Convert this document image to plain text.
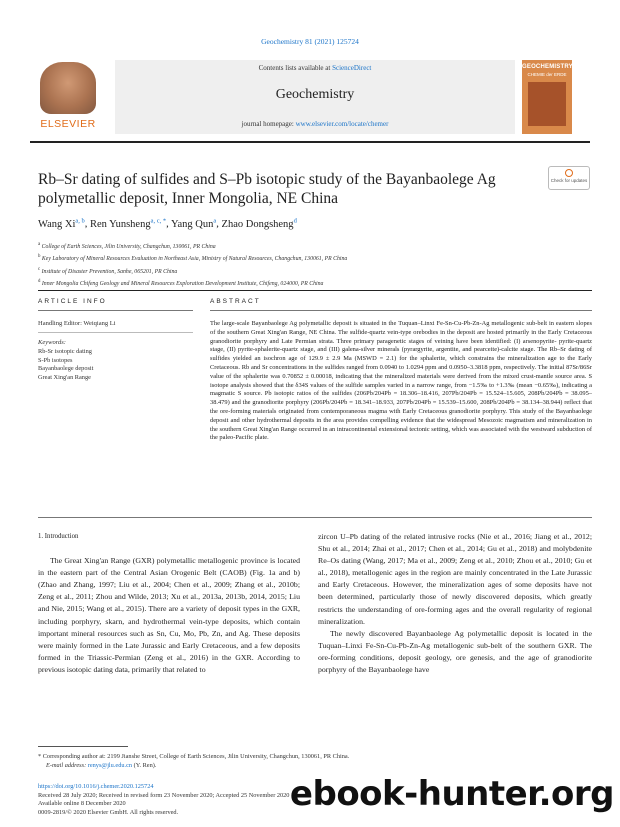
Geochemistry 81 (2021) 125724
ELSEVIER
Contents lists available at ScienceDirect
Geochemistry
journal homepage: www.elsevier.com/locate/chemer
GEOCHEMISTRY
CHEMIE der ERDE
Rb–Sr dating of sulfides and S–Pb isotopic study of the Bayanbaolege Ag polymetallic deposit, Inner Mongolia, NE China
Check for updates
Wang Xi$^{a, b}$, Ren Yunsheng$^{a, c, *}$, Yang Qun$^a$, Zhao Dongsheng$^d$
$^a$ College of Earth Sciences, Jilin University, Changchun, 130061, PR China
$^b$ Key Laboratory of Mineral Resources Evaluation in Northeast Asia, Ministry of Natural Resources, Changchun, 130061, PR China
$^c$ Institute of Disaster Prevention, Sanhe, 065201, PR China
$^d$ Inner Mongolia Chifeng Geology and Mineral Resources Exploration Development Institute, Chifeng, 024000, PR China
ARTICLE INFO	ABSTRACT
Handling Editor: Weiqiang Li
Keywords:
Rb-Sr isotopic dating
S-Pb isotopes
Bayanbaolege deposit
Great Xing'an Range
The large-scale Bayanbaolege Ag polymetallic deposit is situated in the Tuquan–Linxi Fe-Sn-Cu-Pb-Zn-Ag metallogenic sub-belt in eastern slopes of the southern Great Xing'an Range, NE China. The sulfide-quartz vein-type orebodies in the deposit are hosted primarily in the Early Cretaceous granodiorite porphyry and Late Permian strata. Three primary paragenetic stages of veining have been identified: (I) arsenopyrite- pyrite-quartz stage, (II) pyrite-sphalerite-quartz stage, and (III) galena-silver minerals (pyrargyrite, argentite, and pearceite)-calcite stage. The Rb–Sr dating of sulfides yielded an isochron age of 129.9 ± 2.9 Ma (MSWD = 2.1) for the sphalerite, which constrains the mineralization age to the Early Cretaceous. Rb and Sr concentrations in the sulfides ranged from 0.0940 to 1.0294 ppm and 0.0950–3.3818 ppm, respectively. The initial 87Sr/86Sr value of the sphalerite was 0.70852 ± 0.00018, indicating that the mineralized materials were derived from the mixed crust-mantle source area. S isotope analysis showed that the δ34S values of the sulfide samples varied in a narrow range, from −1.5‰ to +1.3‰ (mean −0.65‰), indicating a magmatic S source. Pb isotopic ratios of the sulfides (206Pb/204Pb = 18.306–18.416, 207Pb/204Pb = 15.524–15.605, 208Pb/204Pb = 38.095–38.479) and the granodiorite porphyry (206Pb/204Pb = 18.341–18.933, 207Pb/204Pb = 15.539–15.600, 208Pb/204Pb = 38.134–38.944) reflect that the ore-forming materials originated from contemporaneous magma with Early Cretaceous granodiorite porphyry. This study of the Bayanbaolege deposit and other hydrothermal deposits in the area provides compelling evidence that the widespread Mesozoic magmatism and mineralization in the southern Great Xing'an Range occurred in an intracontinental extensional tectonic setting, which was associated with the westward subduction of the paleo-Pacific plate.
1. Introduction
The Great Xing'an Range (GXR) polymetallic metallogenic province is located in the eastern part of the Central Asian Orogenic Belt (CAOB) (Fig. 1a and b) (Zhao and Zhang, 1997; Liu et al., 2004; Chen et al., 2009; Zhang et al., 2010b; Zeng et al., 2011; Zhou and Wilde, 2013; Xu et al., 2013a, 2013b, 2014, 2015; Liu and Nie, 2015; Wang et al., 2015). There are a variety of deposit types in the GXR, including porphyry, skarn, and hydrothermal vein-type deposits, which contain important mineral resources such as Sn, Cu, Mo, Pb, Zn, and Ag. These deposits were mainly formed in the Late Jurassic and Early Cretaceous, and a few deposits formed in the Triassic-Permian (Zeng et al., 2016) in the GXR. According to previous isotopic dating data, primarily that related to
zircon U–Pb dating of the related intrusive rocks (Nie et al., 2016; Jiang et al., 2012; Shu et al., 2014; Zhai et al., 2017; Chen et al., 2014; Gu et al., 2018) and molybdenite Re–Os dating (Wang, 2017; Ma et al., 2009; Zeng et al., 2010; Zhou et al., 2010; Gu et al., 2018), metallogenic ages in the region are mainly concentrated in the Late Jurassic and Early Cretaceous. However, the mineralization ages of some deposits have not been determined, particularly those of newly discovered deposits, which greatly restricts the understanding of ore-forming ages and the overall regularity of regional mineralization.
The newly discovered Bayanbaolege Ag polymetallic deposit is located in the Tuquan–Linxi Fe-Sn-Cu-Pb-Zn-Ag metallogenic sub-belt of the southern GXR. The ore-forming conditions, deposit geology, ore genesis, and the age of granodiorite porphyry of the Bayanbaolege have
* Corresponding author at: 2199 Jianshe Street, College of Earth Sciences, Jilin University, Changchun, 130061, PR China.
E-mail address: renys@jlu.edu.cn (Y. Ren).
https://doi.org/10.1016/j.chemer.2020.125724
Received 28 July 2020; Received in revised form 23 November 2020; Accepted 25 November 2020
Available online 8 December 2020
0009-2819/© 2020 Elsevier GmbH. All rights reserved.	ebook-hunter.org
